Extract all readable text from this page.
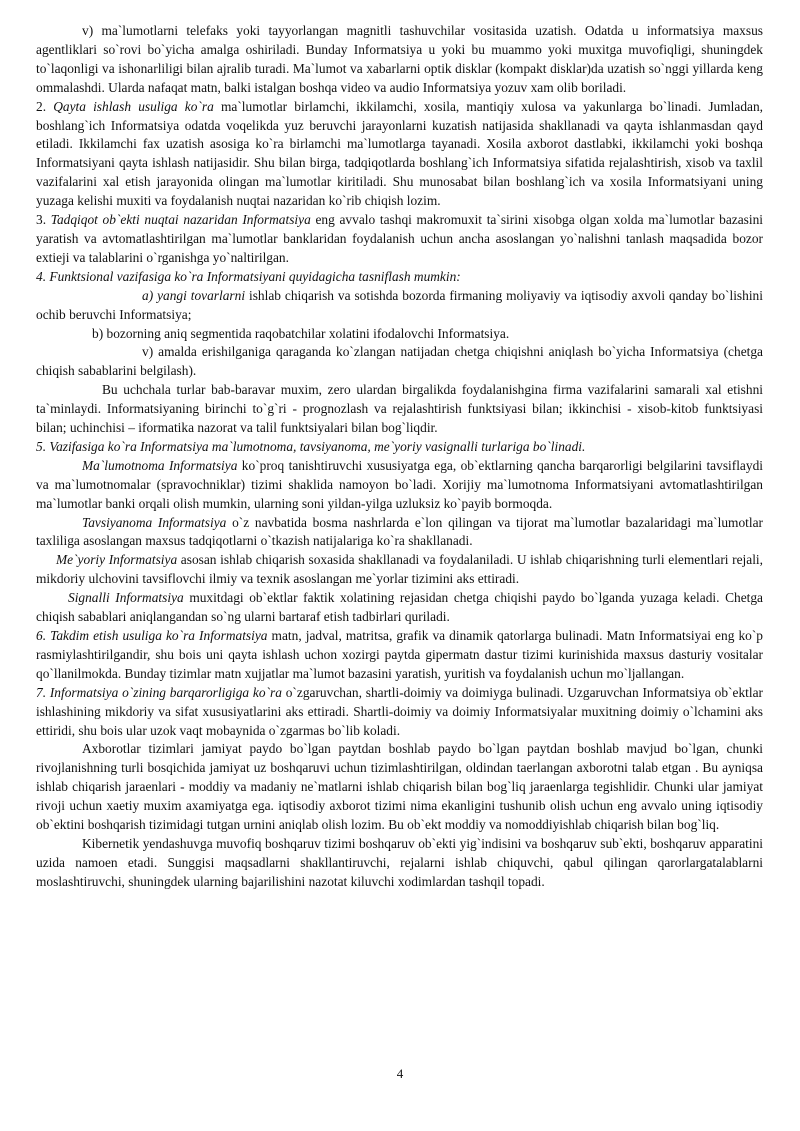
v) ma`lumotlarni telefaks yoki tayyorlangan magnitli tashuvchilar vositasida uzatish. Odatda u informatsiya maxsus agentliklari so`rovi bo`yicha amalga oshiriladi. Bunday Informatsiya u yoki bu muammo yoki muxitga muvofiqligi, shuningdek to`laqonligi va ishonarliligi bilan ajralib turadi. Ma`lumot va xabarlarni optik disklar (kompakt disklar)da uzatish so`nggi yillarda keng ommalashdi. Ularda nafaqat matn, balki istalgan boshqa video va audio Informatsiya yozuv xam olib boriladi.

2. Qayta ishlash usuliga ko`ra ma`lumotlar birlamchi, ikkilamchi, xosila, mantiqiy xulosa va yakunlarga bo`linadi. Jumladan, boshlang`ich Informatsiya odatda voqelikda yuz beruvchi jarayonlarni kuzatish natijasida shakllanadi va qayta ishlanmasdan qayd etiladi. Ikkilamchi fax uzatish asosiga ko`ra birlamchi ma`lumotlarga tayanadi. Xosila axborot dastlabki, ikkilamchi yoki boshqa Informatsiyani qayta ishlash natijasidir. Shu bilan birga, tadqiqotlarda boshlang`ich Informatsiya sifatida rejalashtirish, xisob va taxlil vazifalarini xal etish jarayonida olingan ma`lumotlar kiritiladi. Shu munosabat bilan boshlang`ich va xosila Informatsiyani uning yuzaga kelishi muxiti va foydalanish nuqtai nazaridan ko`rib chiqish lozim.

3. Tadqiqot ob`ekti nuqtai nazaridan Informatsiya eng avvalo tashqi makromuxit ta`sirini xisobga olgan xolda ma`lumotlar bazasini yaratish va avtomatlashtirilgan ma`lumotlar banklaridan foydalanish uchun ancha asoslangan yo`nalishni tanlash maqsadida bozor extieji va talablarini o`rganishga yo`naltirilgan.

4. Funktsional vazifasiga ko`ra Informatsiyani quyidagicha tasniflash mumkin:

a) yangi tovarlarni ishlab chiqarish va sotishda bozorda firmaning moliyaviy va iqtisodiy axvoli qanday bo`lishini ochib beruvchi Informatsiya;

b) bozorning aniq segmentida raqobatchilar xolatini ifodalovchi Informatsiya.

v) amalda erishilganiga qaraganda ko`zlangan natijadan chetga chiqishni aniqlash bo`yicha Informatsiya (chetga chiqish sabablarini belgilash).

Bu uchchala turlar bab-baravar muxim, zero ulardan birgalikda foydalanishgina firma vazifalarini samarali xal etishni ta`minlaydi. Informatsiyaning birinchi to`g`ri - prognozlash va rejalashtirish funktsiyasi bilan; ikkinchisi - xisob-kitob funktsiyasi bilan; uchinchisi – iformatika nazorat va talil funktsiyalari bilan bog`liqdir.

5. Vazifasiga ko`ra Informatsiya ma`lumotnoma, tavsiyanoma, me`yoriy vasignalli turlariga bo`linadi.

Ma`lumotnoma Informatsiya ko`proq tanishtiruvchi xususiyatga ega, ob`ektlarning qancha barqarorligi belgilarini tavsiflaydi va ma`lumotnomalar (spravochniklar) tizimi shaklida namoyon bo`ladi. Xorijiy ma`lumotnoma Informatsiyani avtomatlashtirilgan ma`lumotlar banki orqali olish mumkin, ularning soni yildan-yilga uzluksiz ko`payib bormoqda.

Tavsiyanoma Informatsiya o`z navbatida bosma nashrlarda e`lon qilingan va tijorat ma`lumotlar bazalaridagi ma`lumotlar taxliliga asoslangan maxsus tadqiqotlarni o`tkazish natijalariga ko`ra shakllanadi.

Me`yoriy Informatsiya asosan ishlab chiqarish soxasida shakllanadi va foydalaniladi. U ishlab chiqarishning turli elementlari rejali, mikdoriy ulchovini tavsiflovchi ilmiy va texnik asoslangan me`yorlar tizimini aks ettiradi.

Signalli Informatsiya muxitdagi ob`ektlar faktik xolatining rejasidan chetga chiqishi paydo bo`lganda yuzaga keladi. Chetga chiqish sabablari aniqlangandan so`ng ularni bartaraf etish tadbirlari quriladi.

6. Takdim etish usuliga ko`ra Informatsiya matn, jadval, matritsa, grafik va dinamik qatorlarga bulinadi. Matn Informatsiyai eng ko`p rasmiylashtirilgandir, shu bois uni qayta ishlash uchon xozirgi paytda gipermatn dastur tizimi kurinishida maxsus dasturiy vositalar qo`llanilmokda. Bunday tizimlar matn xujjatlar ma`lumot bazasini yaratish, yuritish va foydalanish uchun mo`ljallangan.

7. Informatsiya o`zining barqarorligiga ko`ra o`zgaruvchan, shartli-doimiy va doimiyga bulinadi. Uzgaruvchan Informatsiya ob`ektlar ishlashining mikdoriy va sifat xususiyatlarini aks ettiradi. Shartli-doimiy va doimiy Informatsiyalar muxitning doimiy o`lchamini aks ettiridi, shu bois ular uzok vaqt mobaynida o`zgarmas bo`lib koladi.

Axborotlar tizimlari jamiyat paydo bo`lgan paytdan boshlab paydo bo`lgan paytdan boshlab mavjud bo`lgan, chunki rivojlanishning turli bosqichida jamiyat uz boshqaruvi uchun tizimlashtirilgan, oldindan taerlangan axborotni talab etgan . Bu ayniqsa ishlab chiqarish jaraenlari - moddiy va madaniy ne`matlarni ishlab chiqarish bilan bog`liq jaraenlarga tegishlidir. Chunki ular jamiyat rivoji uchun xaetiy muxim axamiyatga ega. iqtisodiy axborot tizimi nima ekanligini tushunib olish uchun eng avvalo uning iqtisodiy ob`ektini boshqarish tizimidagi tutgan urnini aniqlab olish lozim. Bu ob`ekt moddiy va nomoddiyishlab chiqarish bilan bog`liq.

Kibernetik yendashuvga muvofiq boshqaruv tizimi boshqaruv ob`ekti yig`indisini va boshqaruv sub`ekti, boshqaruv apparatini uzida namoen etadi. Sunggisi maqsadlarni shakllantiruvchi, rejalarni ishlab chiquvchi, qabul qilingan qarorlargatalablarni moslashtiruvchi, shuningdek ularning bajarilishini nazotat kiluvchi xodimlardan tashqil topadi.

4
